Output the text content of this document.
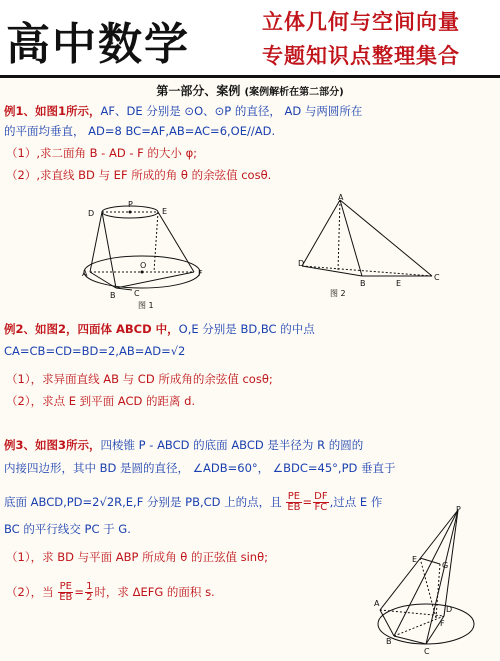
高中数学	立体几何与空间向量
专题知识点整理集合
第一部分、案例 (案例解析在第二部分)
例1、如图1所示，AF、DE 分别是 ⊙O、⊙P 的直径， AD 与两圆所在
的平面均垂直， AD=8 BC=AF,AB=AC=6,OE//AD.
（1）,求二面角 B - AD - F 的大小 φ;
（2）,求直线 BD 与 EF 所成的角 θ 的余弦值 cosθ.
D
P
E
A
O
F
B C
图 1
A
D
B	E
C
图 2
例2、如图2，四面体 ABCD 中，O,E 分别是 BD,BC 的中点
CA=CB=CD=BD=2,AB=AD=√2
（1），求异面直线 AB 与 CD 所成角的余弦值 cosθ;
（2），求点 E 到平面 ACD 的距离 d.
例3、如图3所示，四棱锥 P - ABCD 的底面 ABCD 是半径为 R 的圆的
内接四边形，其中 BD 是圆的直径， ∠ADB=60°， ∠BDC=45°,PD 垂直于
底面 ABCD,PD=2√2R,E,F 分别是 PB,CD 上的点，且 $\frac{PE}{EB} = \frac{DF}{FC}$ ,过点 E 作
BC 的平行线交 PC 于 G.
（1），求 BD 与平面 ABP 所成角 θ 的正弦值 sinθ;
（2），当 $\frac{PE}{EB} = \frac{1}{2}$ 时，求 ΔEFG 的面积 s.
P
E
G
A
D
F
B
C
